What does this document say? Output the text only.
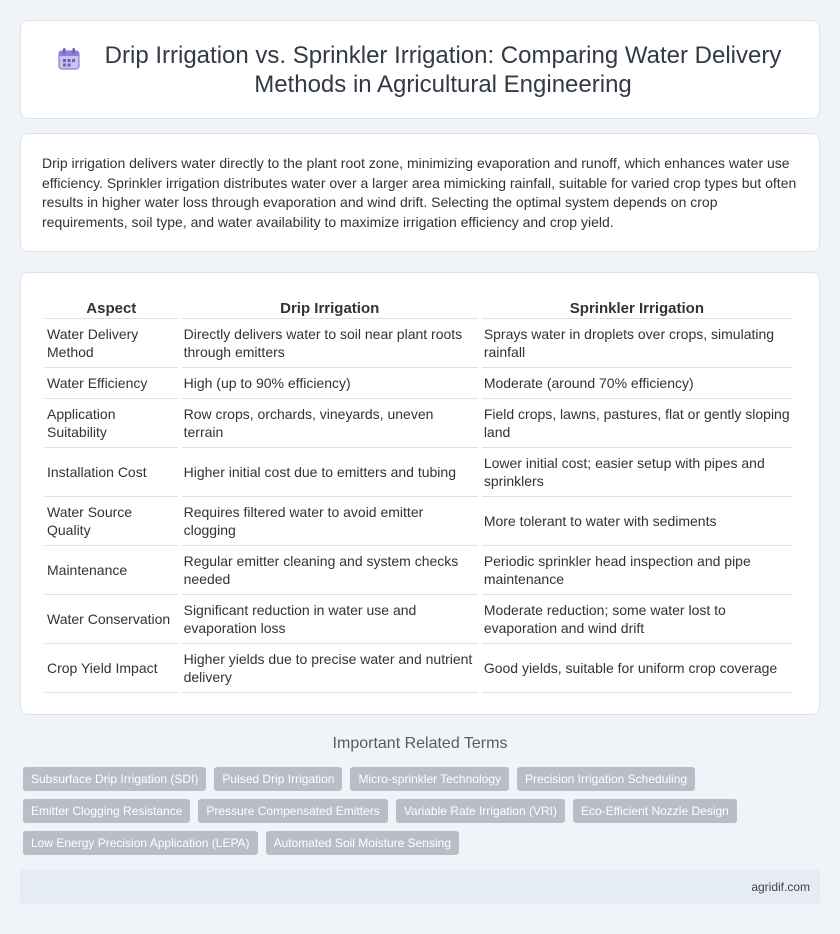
Drip Irrigation vs. Sprinkler Irrigation: Comparing Water Delivery Methods in Agricultural Engineering

Drip irrigation delivers water directly to the plant root zone, minimizing evaporation and runoff, which enhances water use efficiency. Sprinkler irrigation distributes water over a larger area mimicking rainfall, suitable for varied crop types but often results in higher water loss through evaporation and wind drift. Selecting the optimal system depends on crop requirements, soil type, and water availability to maximize irrigation efficiency and crop yield.

Aspect	Drip Irrigation	Sprinkler Irrigation
Water Delivery Method	Directly delivers water to soil near plant roots through emitters	Sprays water in droplets over crops, simulating rainfall
Water Efficiency	High (up to 90% efficiency)	Moderate (around 70% efficiency)
Application Suitability	Row crops, orchards, vineyards, uneven terrain	Field crops, lawns, pastures, flat or gently sloping land
Installation Cost	Higher initial cost due to emitters and tubing	Lower initial cost; easier setup with pipes and sprinklers
Water Source Quality	Requires filtered water to avoid emitter clogging	More tolerant to water with sediments
Maintenance	Regular emitter cleaning and system checks needed	Periodic sprinkler head inspection and pipe maintenance
Water Conservation	Significant reduction in water use and evaporation loss	Moderate reduction; some water lost to evaporation and wind drift
Crop Yield Impact	Higher yields due to precise water and nutrient delivery	Good yields, suitable for uniform crop coverage
Important Related Terms
Subsurface Drip Irrigation (SDI)	Pulsed Drip Irrigation	Micro-sprinkler Technology	Precision Irrigation Scheduling
Emitter Clogging Resistance	Pressure Compensated Emitters	Variable Rate Irrigation (VRI)	Eco-Efficient Nozzle Design
Low Energy Precision Application (LEPA)	Automated Soil Moisture Sensing
agridif.com
